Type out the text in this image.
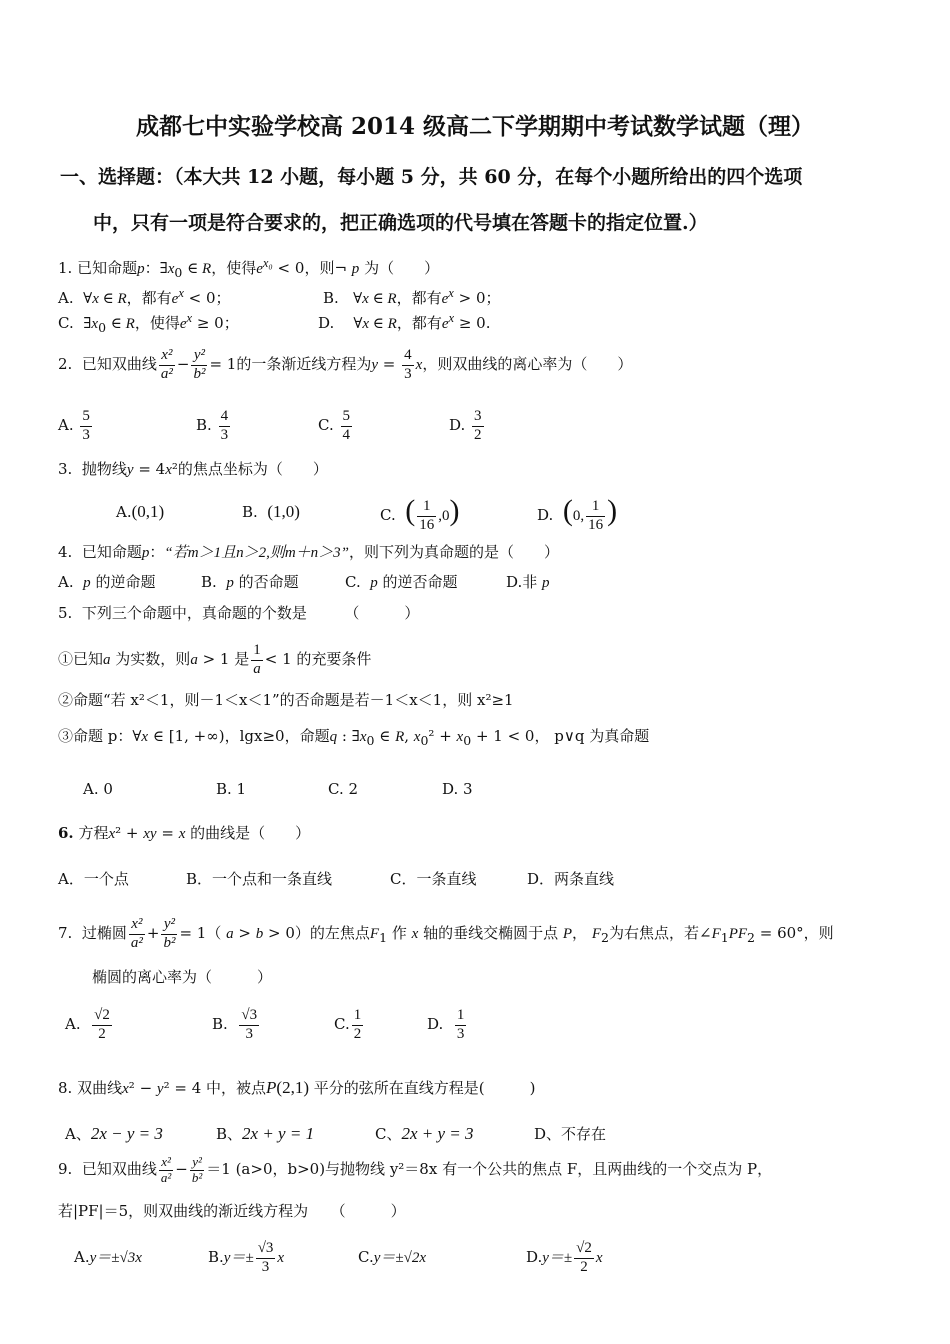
成都七中实验学校高 2014 级高二下学期期中考试数学试题（理）
一、选择题：（本大共 12 小题，每小题 5 分，共 60 分，在每个小题所给出的四个选项
中，只有一项是符合要求的，把正确选项的代号填在答题卡的指定位置.）
1. 已知命题p：$\exists x_0$ ∈ R，使得$e^{x_0} < 0$，则¬ p 为（　　）
A. ∀x ∈ R，都有$e^x < 0$；	B. ∀x ∈ R，都有$e^x > 0$；
C. $\exists x_0$ ∈ R，使得$e^x \ge 0$；	D. ∀x ∈ R，都有$e^x \ge 0$.
2. 已知双曲线 $\frac{\text{x²}}{\text{a²}} - \frac{\text{y²}}{\text{b²}} = 1$的一条渐近线方程为$y = \frac{4}{3}$ x，则双曲线的离心率为（　　）
A. $\frac{5}{3}$	B. $\frac{4}{3}$	C. $\frac{5}{4}$	D. $\frac{3}{2}$
3. 抛物线y = 4x²的焦点坐标为（　　）
A.(0,1)	B. (1,0)	C. ( $\frac{1}{16} ,0$)	D. (0, $\frac{1}{16}$ )
4. 已知命题p：“若m＞1且n＞2,则m＋n＞3”，则下列为真命题的是（　　）
A. p 的逆命题	B. p 的否命题	C. p 的逆否命题	D.非 p
5. 下列三个命题中，真命题的个数是　　　（　　　）
①已知a 为实数，则a > 1 是 $\frac{1}{a} < 1$ 的充要条件
②命题“若 x²＜1，则－1＜x＜1”的否命题是若－1＜x＜1，则 x²≥1
③命题 p：∀x ∈ [1, +∞)，lgx≥0，命题q : $\exists x_0$ ∈ R, $x_0^2 + x_0 + 1 < 0$， p∨q 为真命题
A. 0	B. 1	C. 2	D. 3
6. 方程x² + xy = x 的曲线是（　　）
A．一个点	B．一个点和一条直线	C．一条直线	D．两条直线
7. 过椭圆 $\frac{\text{x²}}{\text{a²}} + \frac{\text{y²}}{\text{b²}} = 1$（ a > b > 0）的左焦点$F_1$ 作 x 轴的垂线交椭圆于点 P， $F_2$为右焦点，若$\angle F_1PF_2 = 60^\circ$，则
椭圆的离心率为（　　　）
A. $\frac{√2}{2}$	B. $\frac{√3}{3}$	C. $\frac{1}{2}$	D. $\frac{1}{3}$
8. 双曲线x² − y² = 4 中，被点P(2,1) 平分的弦所在直线方程是(　　　)
A、2x − y = 3	B、2x + y = 1	C、2x + y = 3	D、不存在
9. 已知双曲线 $\frac{\text{x²}}{\text{a²}} - \frac{\text{y²}}{\text{b²}} =1$ (a>0，b>0)与抛物线 y²＝8x 有一个公共的焦点 F，且两曲线的一个交点为 P，
若|PF|＝5，则双曲线的渐近线方程为　　（　　　）
A.y＝±√3x	$B.y=\pm \frac{√3}{3}$ x	C.y＝±√2x	$D.y=\pm \frac{√2}{2}$ x
